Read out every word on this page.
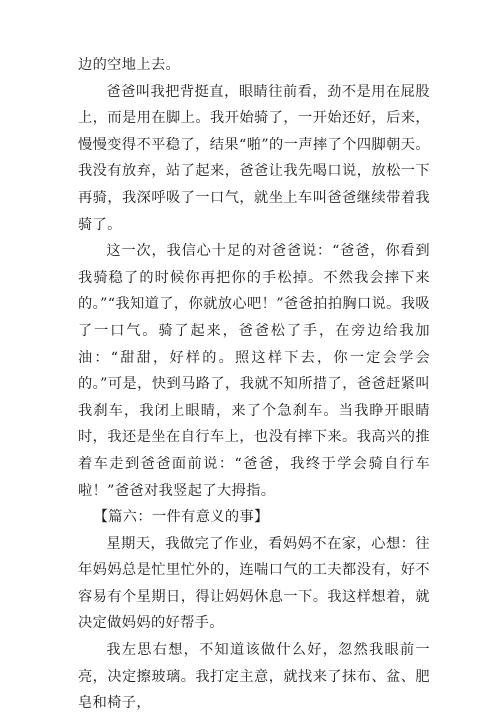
边的空地上去。

爸爸叫我把背挺直，眼睛往前看，劲不是用在屁股上，而是用在脚上。我开始骑了，一开始还好，后来，慢慢变得不平稳了，结果“啪”的一声摔了个四脚朝天。我没有放弃，站了起来，爸爸让我先喝口说，放松一下再骑，我深呼吸了一口气，就坐上车叫爸爸继续带着我骑了。

这一次，我信心十足的对爸爸说：“爸爸，你看到我骑稳了的时候你再把你的手松掉。不然我会摔下来的。”“我知道了，你就放心吧！”爸爸拍拍胸口说。我吸了一口气。骑了起来，爸爸松了手，在旁边给我加油：“甜甜，好样的。照这样下去，你一定会学会的。”可是，快到马路了，我就不知所措了，爸爸赶紧叫我刹车，我闭上眼睛，来了个急刹车。当我睁开眼睛时，我还是坐在自行车上，也没有摔下来。我高兴的推着车走到爸爸面前说：“爸爸，我终于学会骑自行车啦！”爸爸对我竖起了大拇指。

【篇六：一件有意义的事】

星期天，我做完了作业，看妈妈不在家，心想：往年妈妈总是忙里忙外的，连喘口气的工夫都没有，好不容易有个星期日，得让妈妈休息一下。我这样想着，就决定做妈妈的好帮手。

我左思右想，不知道该做什么好，忽然我眼前一亮，决定擦玻璃。我打定主意，就找来了抹布、盆、肥皂和椅子，
